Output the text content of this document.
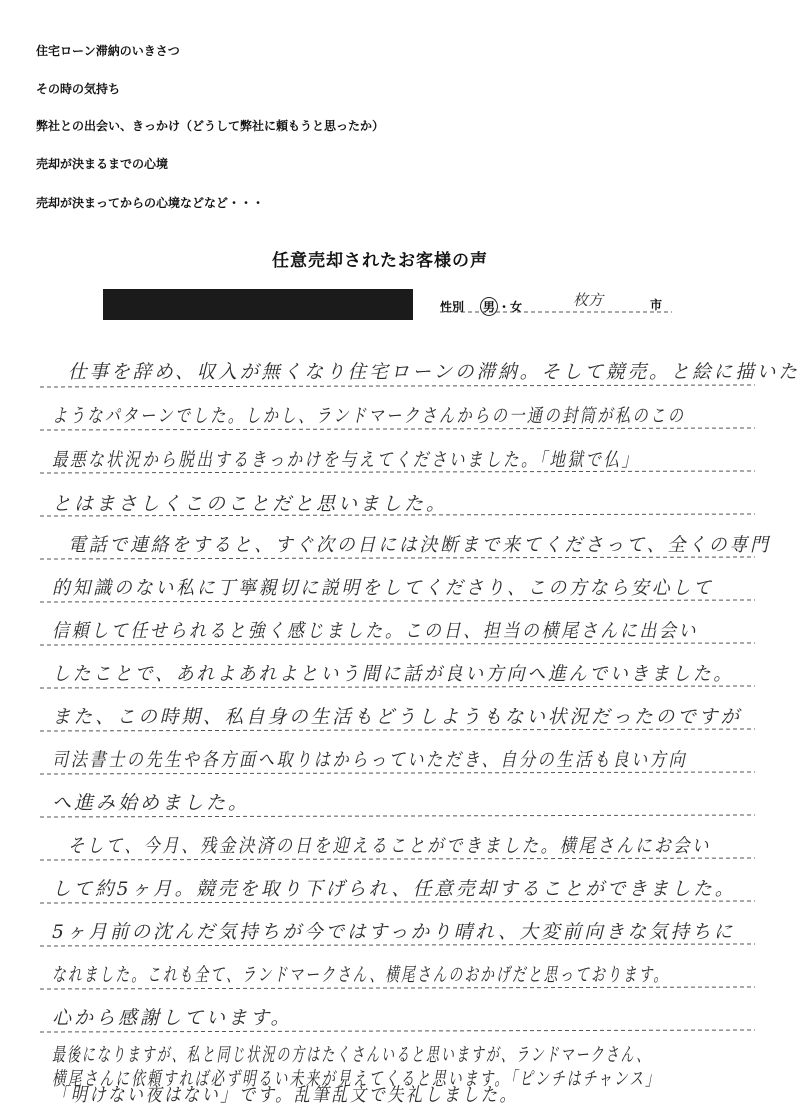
住宅ローン滞納のいきさつ
その時の気持ち
弊社との出会い、きっかけ（どうして弊社に頼もうと思ったか）
売却が決まるまでの心境
売却が決まってからの心境などなど・・・
任意売却されたお客様の声
性別 男 ・女	枚方	市
仕事を辞め、収入が無くなり住宅ローンの滞納。そして競売。と絵に描いた
ようなパターンでした。しかし、ランドマークさんからの一通の封筒が私のこの
最悪な状況から脱出するきっかけを与えてくださいました。「地獄で仏」
とはまさしくこのことだと思いました。
電話で連絡をすると、すぐ次の日には決断まで来てくださって、全くの専門
的知識のない私に丁寧親切に説明をしてくださり、この方なら安心して
信頼して任せられると強く感じました。この日、担当の横尾さんに出会い
したことで、あれよあれよという間に話が良い方向へ進んでいきました。
また、この時期、私自身の生活もどうしようもない状況だったのですが
司法書士の先生や各方面へ取りはからっていただき、自分の生活も良い方向
へ進み始めました。
そして、今月、残金決済の日を迎えることができました。横尾さんにお会い
して約5ヶ月。競売を取り下げられ、任意売却することができました。
5ヶ月前の沈んだ気持ちが今ではすっかり晴れ、大変前向きな気持ちに
なれました。これも全て、ランドマークさん、横尾さんのおかげだと思っております。
心から感謝しています。
最後になりますが、私と同じ状況の方はたくさんいると思いますが、ランドマークさん、
横尾さんに依頼すれば必ず明るい未来が見えてくると思います。「ピンチはチャンス」
「明けない夜はない」です。乱筆乱文で失礼しました。
